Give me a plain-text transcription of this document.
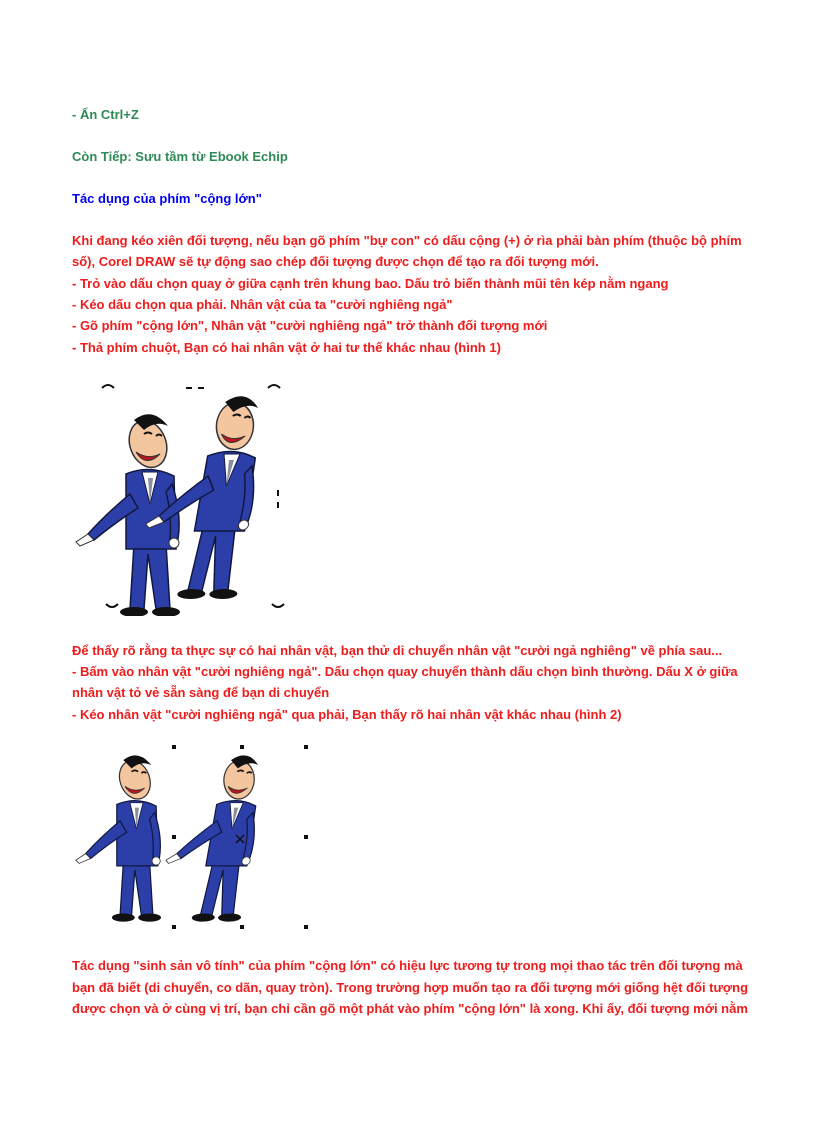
- Ấn Ctrl+Z
Còn Tiếp: Sưu tầm từ Ebook Echip
Tác dụng của phím "cộng lớn"
Khi đang kéo xiên đối tượng, nếu bạn gõ phím "bự con" có dấu cộng (+) ở rìa phải bàn phím (thuộc bộ phím
số), Corel DRAW sẽ tự động sao chép đối tượng được chọn để tạo ra đối tượng mới.
- Trỏ vào dấu chọn quay ở giữa cạnh trên khung bao. Dấu trỏ biến thành mũi tên kép nằm ngang
- Kéo dấu chọn qua phải. Nhân vật của ta "cười nghiêng ngả"
- Gõ phím "cộng lớn", Nhân vật "cười nghiêng ngả" trở thành đối tượng mới
- Thả phím chuột, Bạn có hai nhân vật ở hai tư thế khác nhau (hình 1)
Để thấy rõ rằng ta thực sự có hai nhân vật, bạn thử di chuyển nhân vật "cười ngả nghiêng" về phía sau...
- Bấm vào nhân vật "cười nghiêng ngả". Dấu chọn quay chuyển thành dấu chọn bình thường. Dấu X ở giữa
nhân vật tỏ vẻ sẵn sàng để bạn di chuyển
- Kéo nhân vật "cười nghiêng ngả" qua phải, Bạn thấy rõ hai nhân vật khác nhau (hình 2)
Tác dụng "sinh sản vô tính" của phím "cộng lớn" có hiệu lực tương tự trong mọi thao tác trên đối tượng mà
bạn đã biết (di chuyển, co dãn, quay tròn). Trong trường hợp muốn tạo ra đối tượng mới giống hệt đối tượng
được chọn và ở cùng vị trí, bạn chỉ cần gõ một phát vào phím "cộng lớn" là xong. Khi ấy, đối tượng mới nằm
